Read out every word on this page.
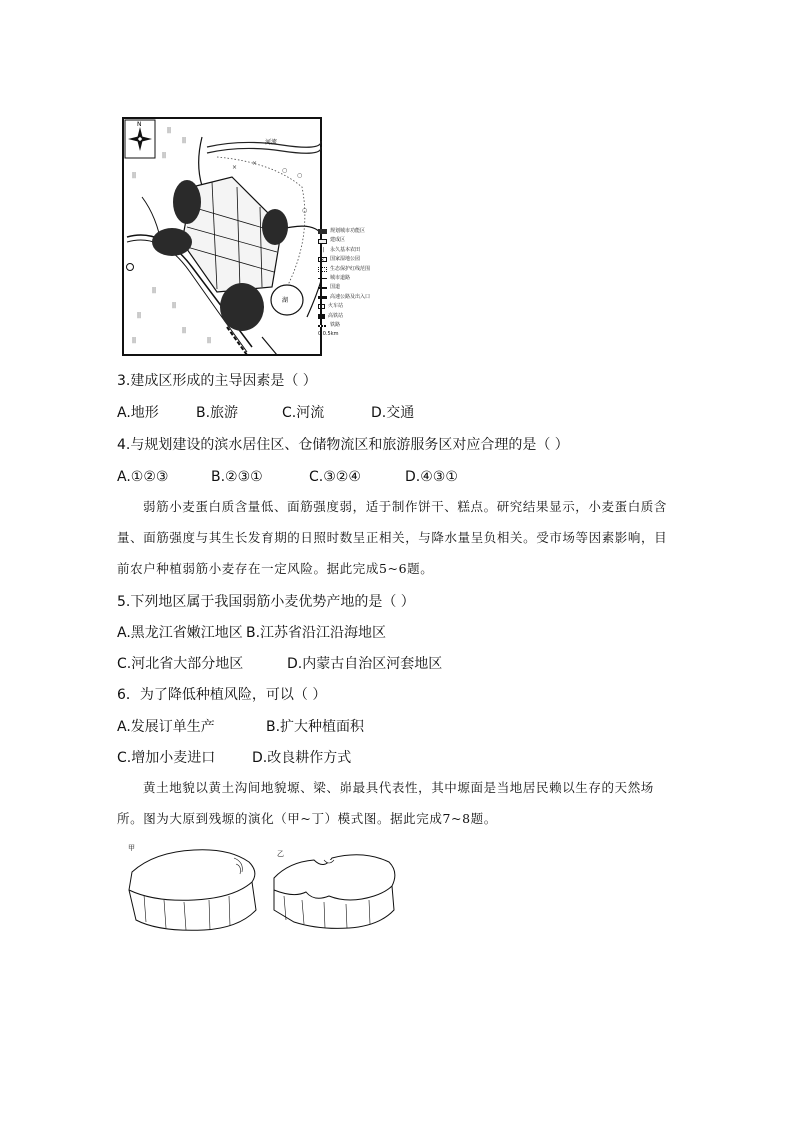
N
河流
湖
||
||
||
||
||
||
||
||
||
||
○
○
○
×
×
规划城市功能区
建成区
||	永久基本农田
×	国家湿地公园
生态保护红线范围
城市道路
国道
高速公路及出入口
火车站
高铁站
铁路
0 0.5km
3.建成区形成的主导因素是（ ）
A.地形	B.旅游	C.河流	D.交通
4.与规划建设的滨水居住区、仓储物流区和旅游服务区对应合理的是（ ）
A.①②③	B.②③①	C.③②④	D.④③①
弱筋小麦蛋白质含量低、面筋强度弱，适于制作饼干、糕点。研究结果显示，小麦蛋白质含量、面筋强度与其生长发育期的日照时数呈正相关，与降水量呈负相关。受市场等因素影响，目前农户种植弱筋小麦存在一定风险。据此完成5~6题。
5.下列地区属于我国弱筋小麦优势产地的是（ ）
A.黑龙江省嫩江地区 B.江苏省沿江沿海地区
C.河北省大部分地区	D.内蒙古自治区河套地区
6．为了降低种植风险，可以（ ）
A.发展订单生产	B.扩大种植面积
C.增加小麦进口	D.改良耕作方式
黄土地貌以黄土沟间地貌塬、梁、峁最具代表性，其中塬面是当地居民赖以生存的天然场所。图为大原到残塬的演化（甲~丁）模式图。据此完成7~8题。
甲
乙
